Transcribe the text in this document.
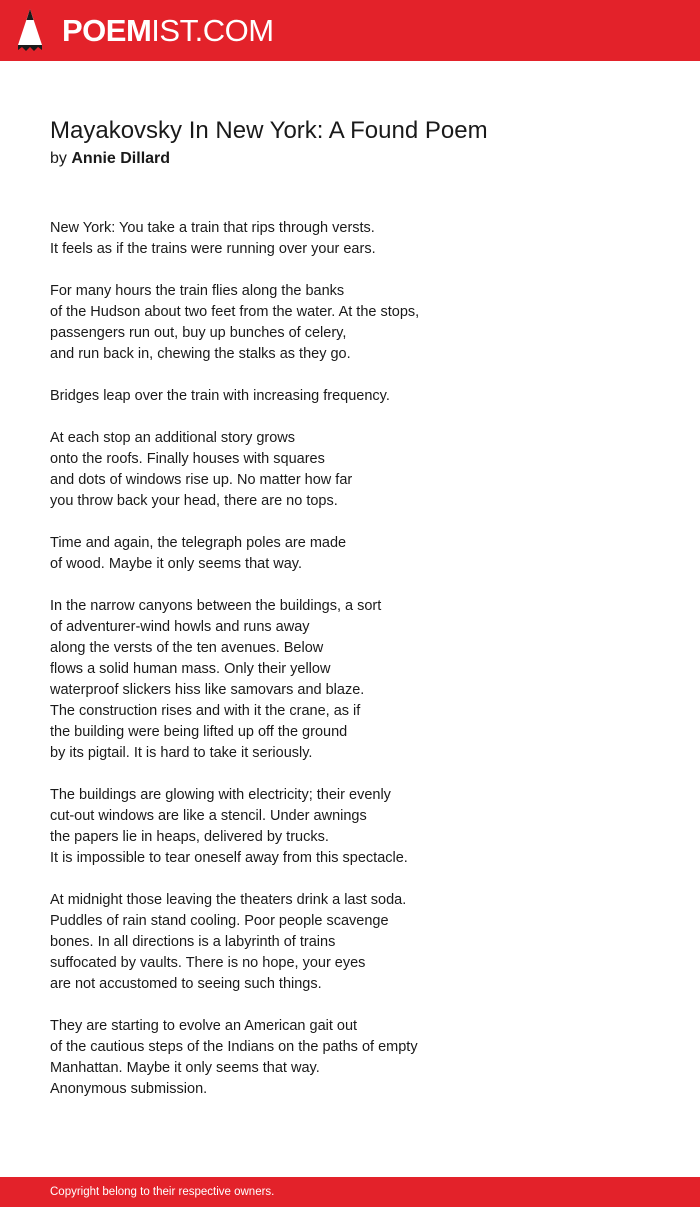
POEMIST.COM
Mayakovsky In New York: A Found Poem
by Annie Dillard
New York: You take a train that rips through versts.
It feels as if the trains were running over your ears.
For many hours the train flies along the banks
of the Hudson about two feet from the water. At the stops,
passengers run out, buy up bunches of celery,
and run back in, chewing the stalks as they go.
Bridges leap over the train with increasing frequency.
At each stop an additional story grows
onto the roofs. Finally houses with squares
and dots of windows rise up. No matter how far
you throw back your head, there are no tops.
Time and again, the telegraph poles are made
of wood. Maybe it only seems that way.
In the narrow canyons between the buildings, a sort
of adventurer-wind howls and runs away
along the versts of the ten avenues. Below
flows a solid human mass. Only their yellow
waterproof slickers hiss like samovars and blaze.
The construction rises and with it the crane, as if
the building were being lifted up off the ground
by its pigtail. It is hard to take it seriously.
The buildings are glowing with electricity; their evenly
cut-out windows are like a stencil. Under awnings
the papers lie in heaps, delivered by trucks.
It is impossible to tear oneself away from this spectacle.
At midnight those leaving the theaters drink a last soda.
Puddles of rain stand cooling. Poor people scavenge
bones. In all directions is a labyrinth of trains
suffocated by vaults. There is no hope, your eyes
are not accustomed to seeing such things.
They are starting to evolve an American gait out
of the cautious steps of the Indians on the paths of empty
Manhattan. Maybe it only seems that way.
Anonymous submission.
Copyright belong to their respective owners.
